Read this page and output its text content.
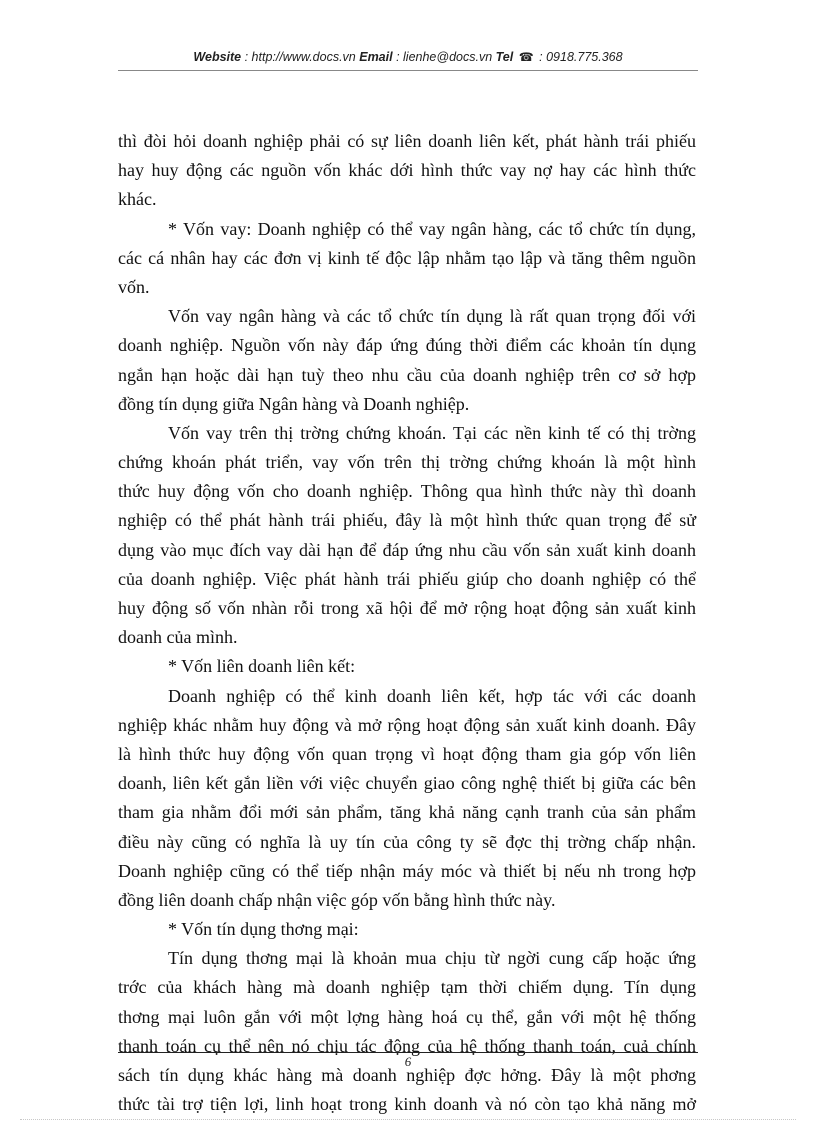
Website : http://www.docs.vn Email : lienhe@docs.vn Tel ☎ : 0918.775.368
thì đòi hỏi doanh nghiệp phải có sự liên doanh liên kết, phát hành trái phiếu
hay huy động các nguồn vốn khác dới hình thức vay nợ hay các hình thức
khác.
* Vốn vay: Doanh nghiệp có thể vay ngân hàng, các tổ chức tín dụng,
các cá nhân hay các đơn vị kinh tế độc lập nhằm tạo lập và tăng thêm nguồn
vốn.
Vốn vay ngân hàng và các tổ chức tín dụng là rất quan trọng đối với
doanh nghiệp. Nguồn vốn này đáp ứng đúng thời điểm các khoản tín dụng
ngắn hạn hoặc dài hạn tuỳ theo nhu cầu của doanh nghiệp trên cơ sở hợp
đồng tín dụng giữa Ngân hàng và Doanh nghiệp.
Vốn vay trên thị trờng chứng khoán. Tại các nền kinh tế có thị trờng
chứng khoán phát triển, vay vốn trên thị trờng chứng khoán là một hình
thức huy động vốn cho doanh nghiệp. Thông qua hình thức này thì doanh
nghiệp có thể phát hành trái phiếu, đây là một hình thức quan trọng để sử
dụng vào mục đích vay dài hạn để đáp ứng nhu cầu vốn sản xuất kinh doanh
của doanh nghiệp. Việc phát hành trái phiếu giúp cho doanh nghiệp có thể
huy động số vốn nhàn rỗi trong xã hội để mở rộng hoạt động sản xuất kinh
doanh của mình.
* Vốn liên doanh liên kết:
Doanh nghiệp có thể kinh doanh liên kết, hợp tác với các doanh
nghiệp khác nhằm huy động và mở rộng hoạt động sản xuất kinh doanh. Đây
là hình thức huy động vốn quan trọng vì hoạt động tham gia góp vốn liên
doanh, liên kết gắn liền với việc chuyển giao công nghệ thiết bị giữa các bên
tham gia nhằm đổi mới sản phẩm, tăng khả năng cạnh tranh của sản phẩm
điều này cũng có nghĩa là uy tín của công ty sẽ đợc thị trờng chấp nhận.
Doanh nghiệp cũng có thể tiếp nhận máy móc và thiết bị nếu nh trong hợp
đồng liên doanh chấp nhận việc góp vốn bằng hình thức này.
* Vốn tín dụng thơng mại:
Tín dụng thơng mại là khoản mua chịu từ ngời cung cấp hoặc ứng
trớc của khách hàng mà doanh nghiệp tạm thời chiếm dụng. Tín dụng
thơng mại luôn gắn với một lợng hàng hoá cụ thể, gắn với một hệ thống
thanh toán cụ thể nên nó chịu tác động của hệ thống thanh toán, cuả chính
sách tín dụng khác hàng mà doanh nghiệp đợc hởng. Đây là một phơng
thức tài trợ tiện lợi, linh hoạt trong kinh doanh và nó còn tạo khả năng mở
6
